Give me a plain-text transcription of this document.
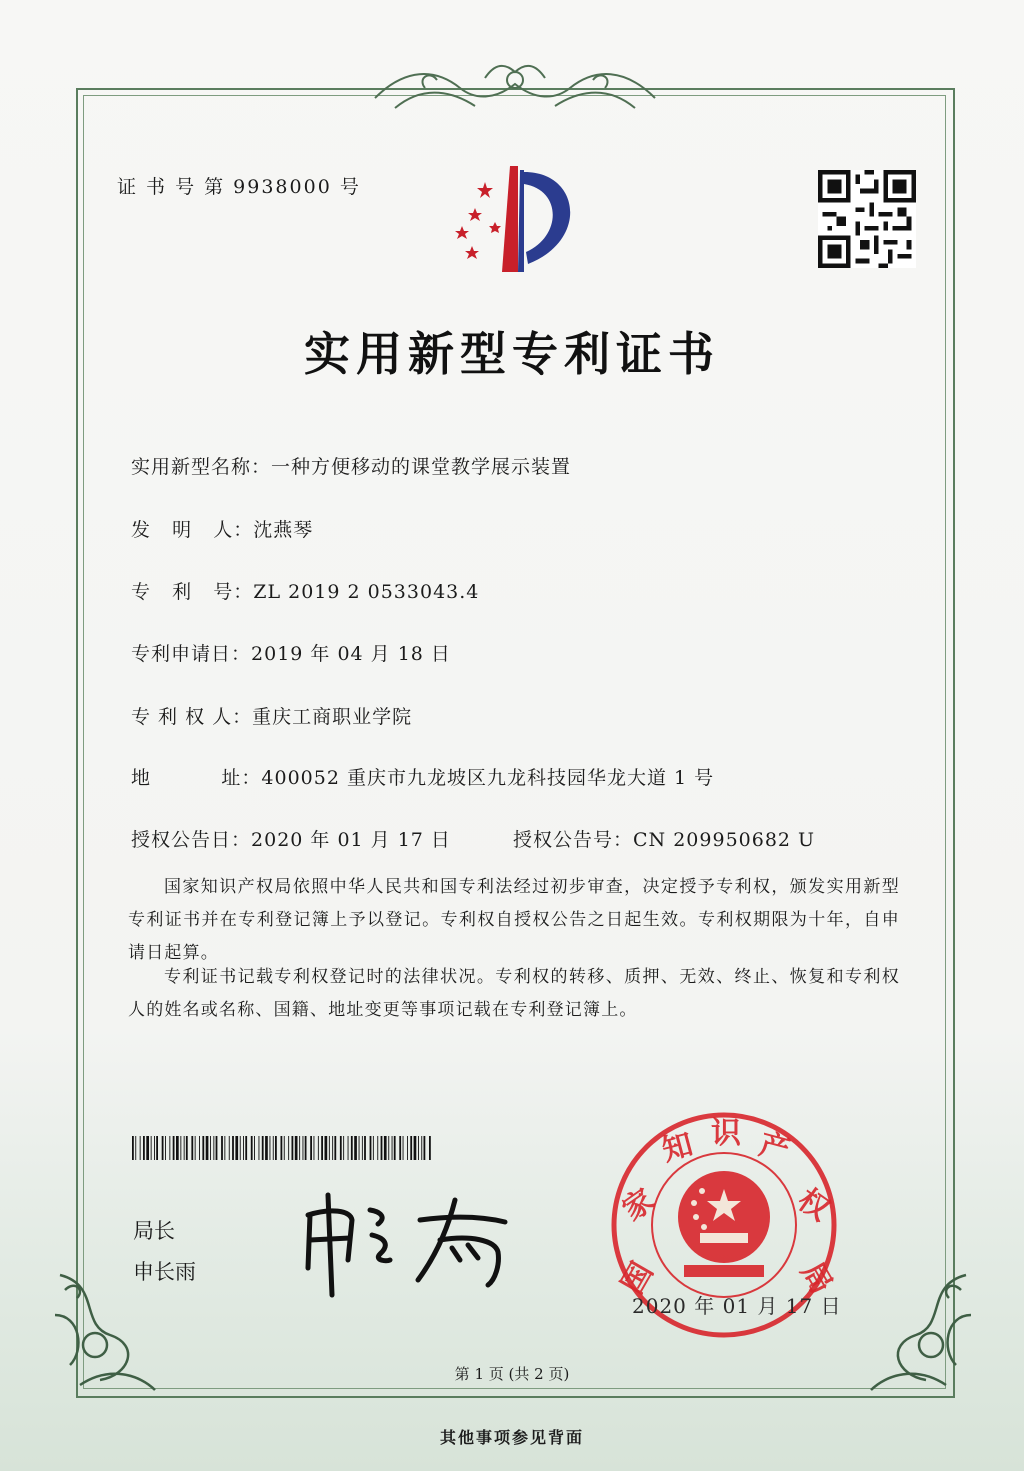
证 书 号 第 9938000 号
实用新型专利证书
实用新型名称：一种方便移动的课堂教学展示装置
发   明   人：沈燕琴
专   利   号：ZL 2019 2 0533043.4
专利申请日：2019 年 04 月 18 日
专 利 权 人：重庆工商职业学院
地          址：400052 重庆市九龙坡区九龙科技园华龙大道 1 号
授权公告日：2020 年 01 月 17 日	授权公告号：CN 209950682 U
国家知识产权局依照中华人民共和国专利法经过初步审查，决定授予专利权，颁发实用新型专利证书并在专利登记簿上予以登记。专利权自授权公告之日起生效。专利权期限为十年，自申请日起算。
专利证书记载专利权登记时的法律状况。专利权的转移、质押、无效、终止、恢复和专利权人的姓名或名称、国籍、地址变更等事项记载在专利登记簿上。
局长
申长雨	国
家
知 识 产
权
局
2020 年 01 月 17 日
第 1 页 (共 2 页)
其他事项参见背面
